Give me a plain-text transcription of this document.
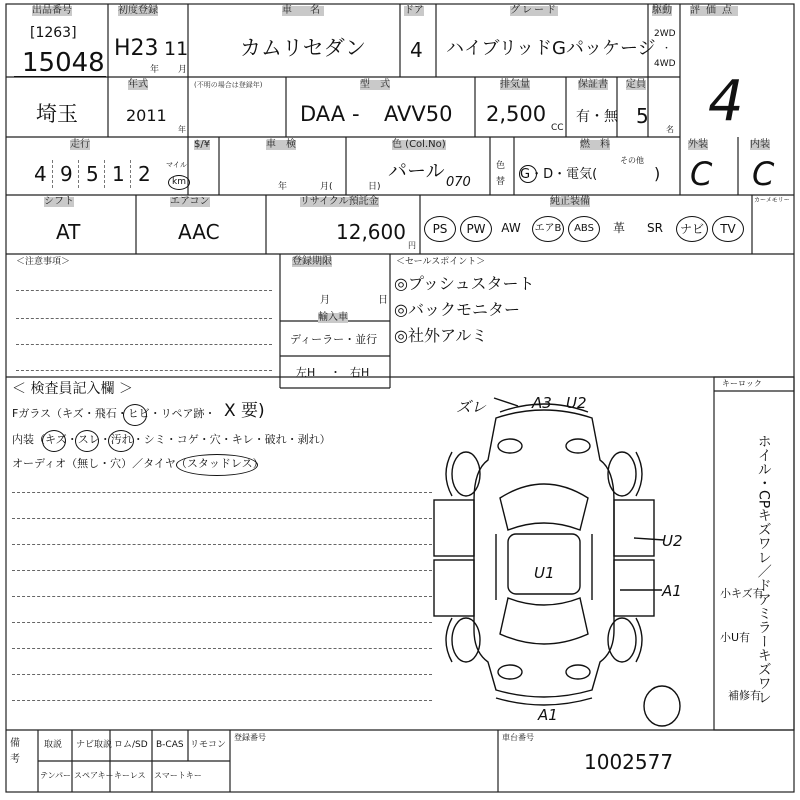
出品番号
[1263]
15048
初度登録
H23 11
年 月
車　名
カムリセダン
ドア
4
グレード
ハイブリッドGパッケージ
駆動
2WD
・
4WD
評価点
4
埼玉
年式	(不明の場合は登録年)
2011
年
型　式
DAA - AVV50
排気量
2,500
CC
保証書
有・無
定員
5
名
走行
4 9 5 1 2 マイル
km
$/¥	車　検
年	月(	日)
色 (Col.No)
パール
070
色
替
燃　料
G・D・電気(
その他
)
外装
C
内装
C
シフト
AT
エアコン
AAC
リサイクル預託金
12,600
円
純正装備	カーメモリー
PS	PW	AW	エアB	ABS	革	SR	ナビ	TV
＜注意事項＞	登録期限
月	日
輸入車
ディーラー・並行
左H ・ 右H
＜セールスポイント＞
◎プッシュスタート
◎バックモニター
◎社外アルミ
＜ 検査員記入欄 ＞
Fガラス（キズ・飛石・ヒビ・リペア跡・ X 要)
内装（キズ・スレ・汚れ・シミ・コゲ・穴・キレ・破れ・剥れ）
オーディオ（無し・穴）／タイヤ（スタッドレス）
ズレ	A3 U2
U2
U1
A1
A1
キーロック
ホイル・CPキズワレ／ドアミラーキズワレ
小キズ有
小U有
補修有
備考
取説 ナビ取説 ロム/SD B-CAS リモコン
テンパー スペアキー キーレス スマートキー
登録番号	車台番号
1002577
